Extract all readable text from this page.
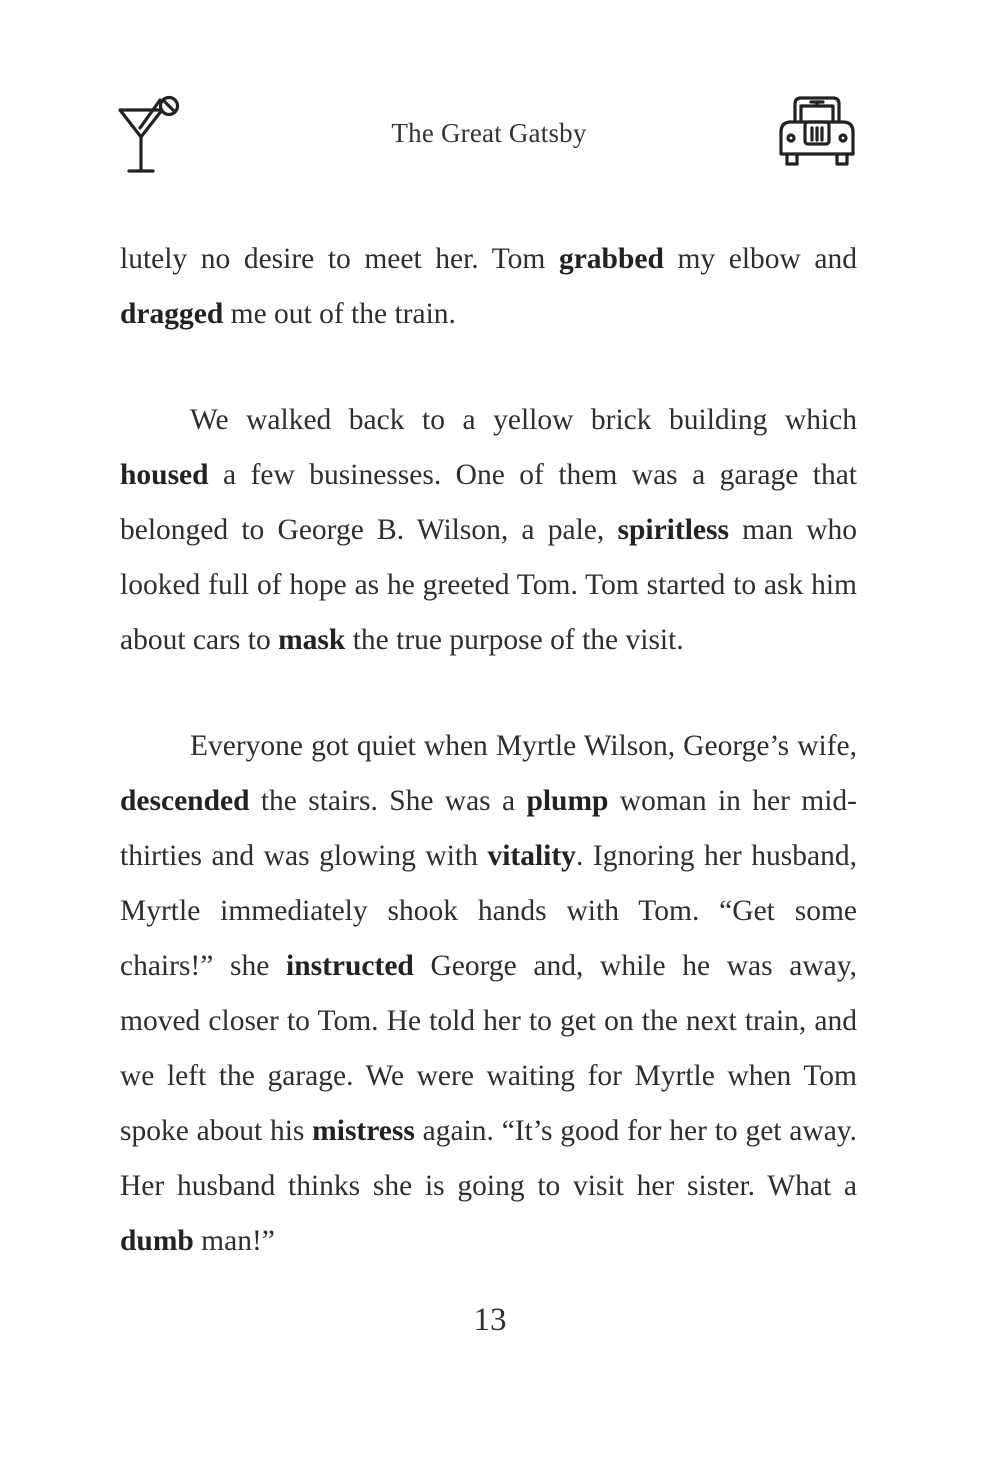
The Great Gatsby

lutely no desire to meet her. Tom grabbed my elbow and dragged me out of the train.

We walked back to a yellow brick building which housed a few businesses. One of them was a garage that belonged to George B. Wilson, a pale, spiritless man who looked full of hope as he greeted Tom. Tom started to ask him about cars to mask the true purpose of the visit.

Everyone got quiet when Myrtle Wilson, George’s wife, descended the stairs. She was a plump woman in her mid-thirties and was glowing with vitality. Ignoring her husband, Myrtle immediately shook hands with Tom. “Get some chairs!” she instructed George and, while he was away, moved closer to Tom. He told her to get on the next train, and we left the garage. We were waiting for Myrtle when Tom spoke about his mistress again. “It’s good for her to get away. Her husband thinks she is going to visit her sister. What a dumb man!”

13
